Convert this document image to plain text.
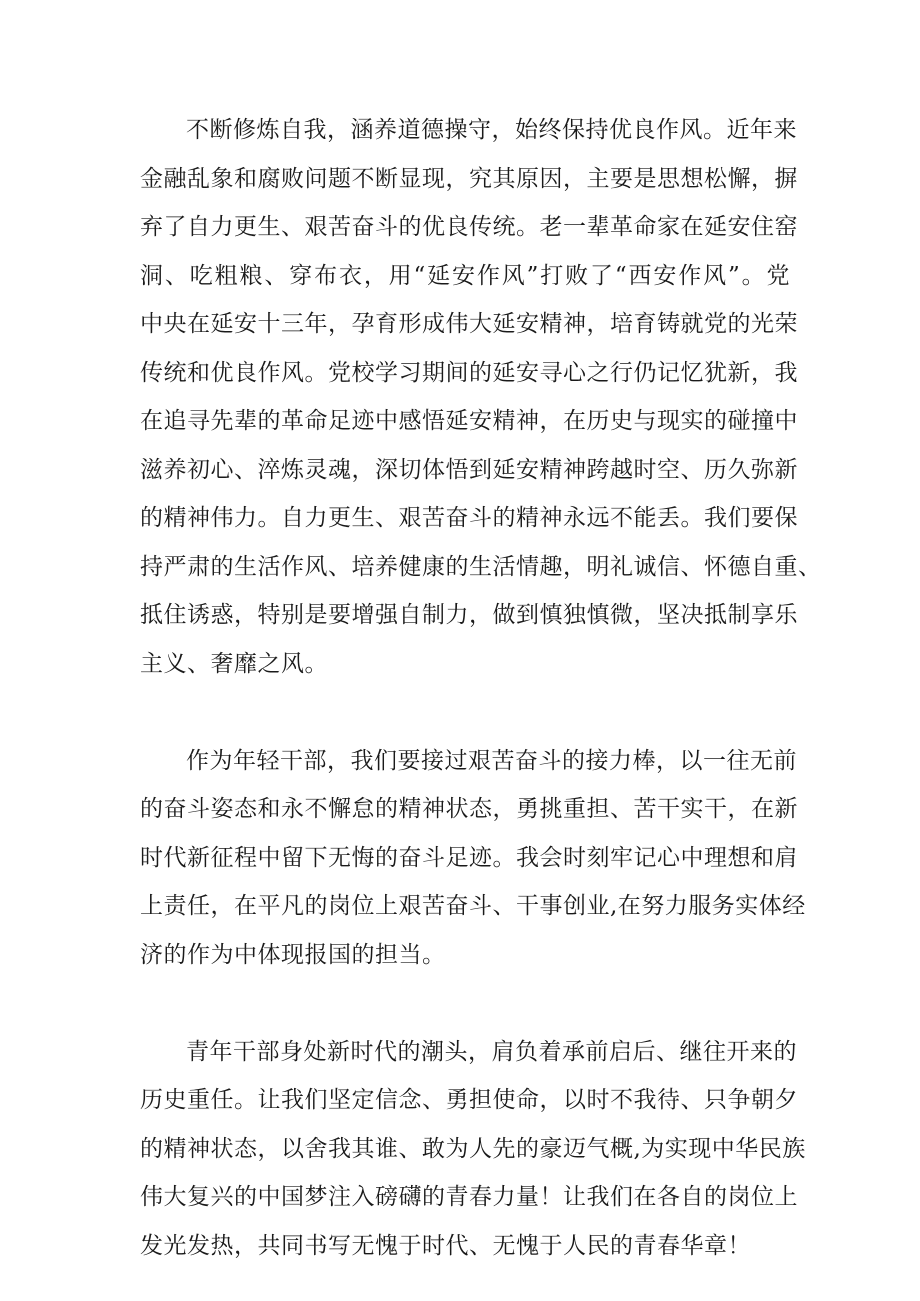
不断修炼自我，涵养道德操守，始终保持优良作风。近年来
金融乱象和腐败问题不断显现，究其原因，主要是思想松懈，摒
弃了自力更生、艰苦奋斗的优良传统。老一辈革命家在延安住窑
洞、吃粗粮、穿布衣，用“延安作风”打败了“西安作风”。党
中央在延安十三年，孕育形成伟大延安精神，培育铸就党的光荣
传统和优良作风。党校学习期间的延安寻心之行仍记忆犹新，我
在追寻先辈的革命足迹中感悟延安精神，在历史与现实的碰撞中
滋养初心、淬炼灵魂，深切体悟到延安精神跨越时空、历久弥新
的精神伟力。自力更生、艰苦奋斗的精神永远不能丢。我们要保
持严肃的生活作风、培养健康的生活情趣，明礼诚信、怀德自重、
抵住诱惑，特别是要增强自制力，做到慎独慎微，坚决抵制享乐
主义、奢靡之风。
作为年轻干部，我们要接过艰苦奋斗的接力棒，以一往无前
的奋斗姿态和永不懈怠的精神状态，勇挑重担、苦干实干，在新
时代新征程中留下无悔的奋斗足迹。我会时刻牢记心中理想和肩
上责任，在平凡的岗位上艰苦奋斗、干事创业,在努力服务实体经
济的作为中体现报国的担当。
青年干部身处新时代的潮头，肩负着承前启后、继往开来的
历史重任。让我们坚定信念、勇担使命，以时不我待、只争朝夕
的精神状态，以舍我其谁、敢为人先的豪迈气概,为实现中华民族
伟大复兴的中国梦注入磅礴的青春力量！让我们在各自的岗位上
发光发热，共同书写无愧于时代、无愧于人民的青春华章！
